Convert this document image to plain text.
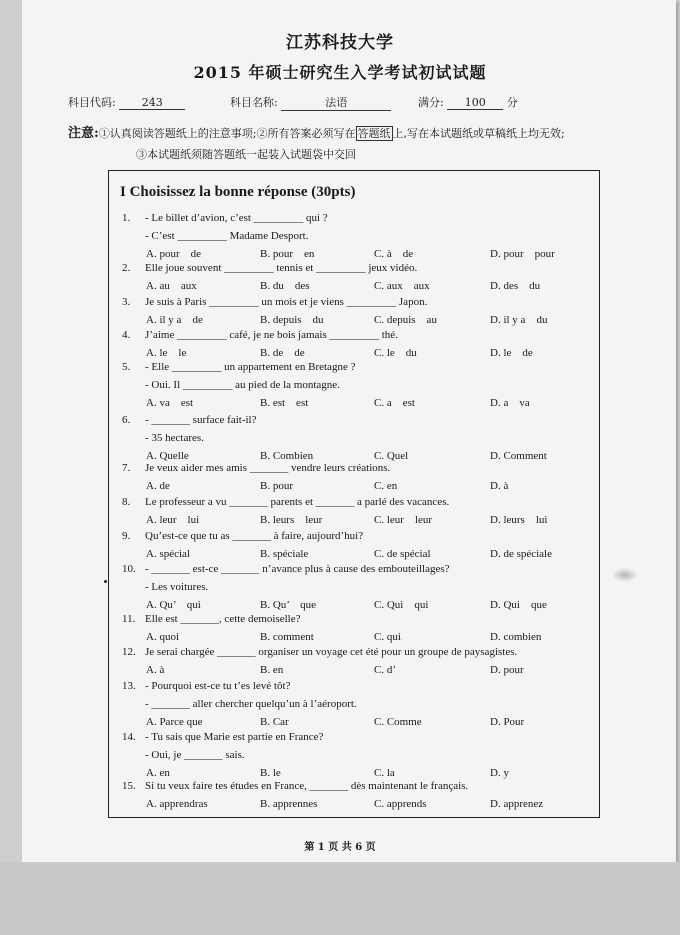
江苏科技大学
2015 年硕士研究生入学考试初试试题
科目代码: 243	科目名称:	法语	满分: 100 分
注意:①认真阅读答题纸上的注意事项;②所有答案必须写在 答题纸 上,写在本试题纸或草稿纸上均无效;
③本试题纸须随答题纸一起装入试题袋中交回
I Choisissez la bonne réponse (30pts)
1. - Le billet d’avion, c’est _________ qui ?
- C’est _________ Madame Desport.
A. pour    de	B. pour    en	C. à    de	D. pour    pour
2. Elle joue souvent _________ tennis et _________ jeux vidéo.
A. au    aux	B. du    des	C. aux    aux	D. des    du
3. Je suis à Paris _________ un mois et je viens _________ Japon.
A. il y a    de	B. depuis    du	C. depuis    au	D. il y a    du
4. J’aime _________ café, je ne bois jamais _________ thé.
A. le    le	B. de    de	C. le    du	D. le    de
5. - Elle _________ un appartement en Bretagne ?
- Oui. Il _________ au pied de la montagne.
A. va    est	B. est    est	C. a    est	D. a    va
6. - _______ surface fait-il?
- 35 hectares.
A. Quelle	B. Combien	C. Quel	D. Comment
7. Je veux aider mes amis _______ vendre leurs créations.
A. de	B. pour	C. en	D. à
8. Le professeur a vu _______ parents et _______ a parlé des vacances.
A. leur    lui	B. leurs    leur	C. leur    leur	D. leurs    lui
9. Qu’est-ce que tu as _______ à faire, aujourd’hui?
A. spécial	B. spéciale	C. de spécial	D. de spéciale
10. - _______ est-ce _______ n’avance plus à cause des embouteillages?
- Les voitures.
A. Qu’    qui	B. Qu’    que	C. Qui    qui	D. Qui    que
11. Elle est _______, cette demoiselle?
A. quoi	B. comment	C. qui	D. combien
12. Je serai chargée _______ organiser un voyage cet été pour un groupe de paysagistes.
A. à	B. en	C. d’	D. pour
13. - Pourquoi est-ce tu t’es levé tôt?
- _______ aller chercher quelqu’un à l’aéroport.
A. Parce que	B. Car	C. Comme	D. Pour
14. - Tu sais que Marie est partie en France?
- Oui, je _______ sais.
A. en	B. le	C. la	D. y
15. Si tu veux faire tes études en France, _______ dès maintenant le français.
A. apprendras	B. apprennes	C. apprends	D. apprenez
第 1 页 共 6 页
